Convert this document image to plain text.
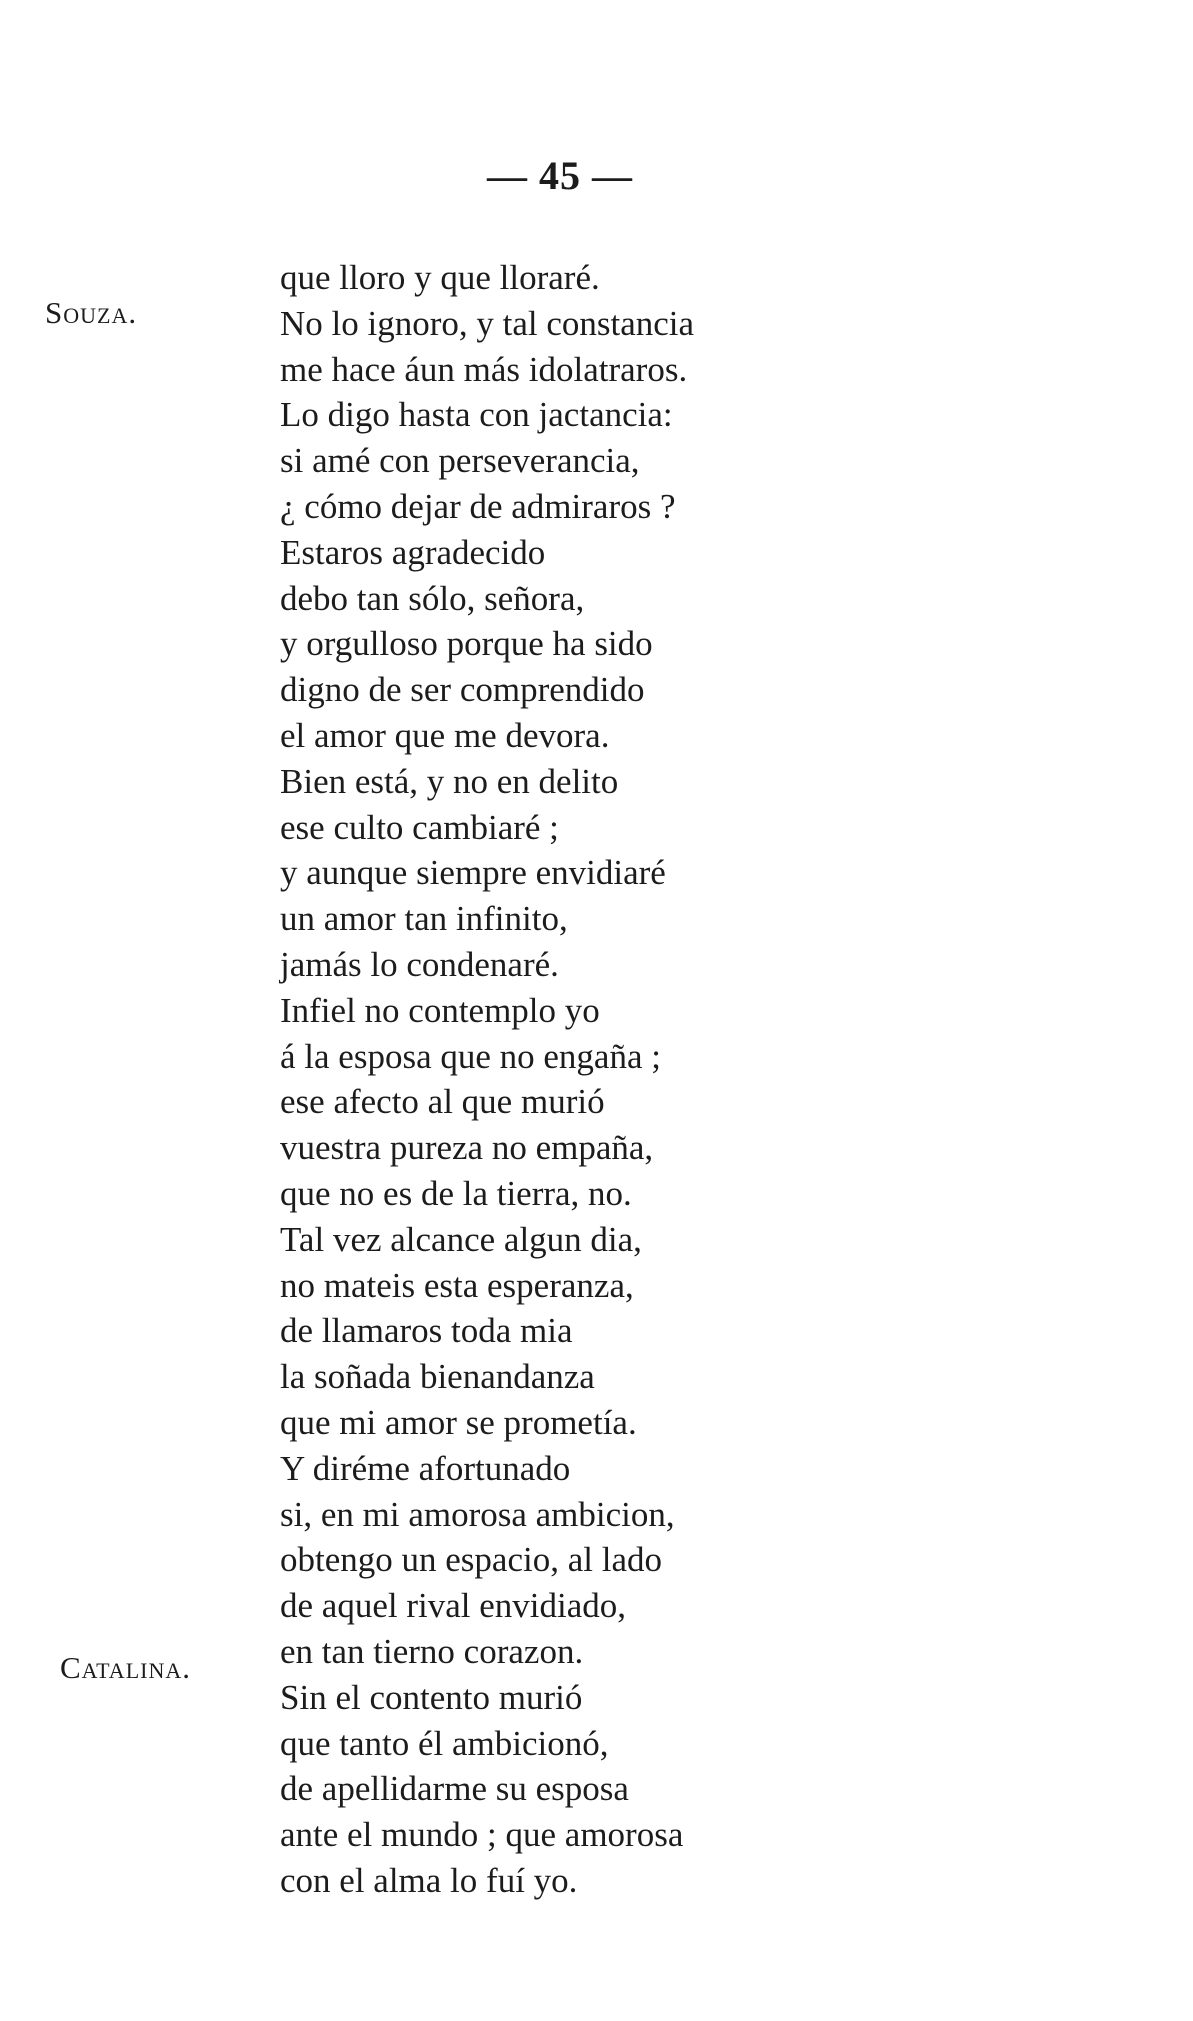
— 45 —
Souza.
Catalina.
que lloro y que lloraré.
No lo ignoro, y tal constancia
me hace áun más idolatraros.
Lo digo hasta con jactancia:
si amé con perseverancia,
¿ cómo dejar de admiraros ?
Estaros agradecido
debo tan sólo, señora,
y orgulloso porque ha sido
digno de ser comprendido
el amor que me devora.
Bien está, y no en delito
ese culto cambiaré ;
y aunque siempre envidiaré
un amor tan infinito,
jamás lo condenaré.
Infiel no contemplo yo
á la esposa que no engaña ;
ese afecto al que murió
vuestra pureza no empaña,
que no es de la tierra, no.
Tal vez alcance algun dia,
no mateis esta esperanza,
de llamaros toda mia
la soñada bienandanza
que mi amor se prometía.
Y diréme afortunado
si, en mi amorosa ambicion,
obtengo un espacio, al lado
de aquel rival envidiado,
en tan tierno corazon.
Sin el contento murió
que tanto él ambicionó,
de apellidarme su esposa
ante el mundo ; que amorosa
con el alma lo fuí yo.
